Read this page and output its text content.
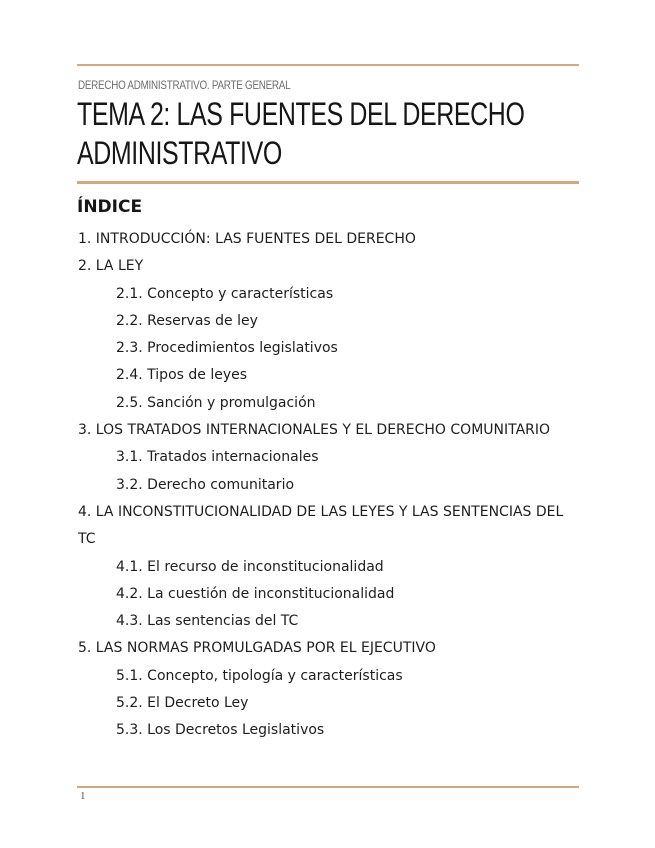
DERECHO ADMINISTRATIVO. PARTE GENERAL
TEMA 2: LAS FUENTES DEL DERECHO
ADMINISTRATIVO
ÍNDICE
1. INTRODUCCIÓN: LAS FUENTES DEL DERECHO
2. LA LEY
2.1. Concepto y características
2.2. Reservas de ley
2.3. Procedimientos legislativos
2.4. Tipos de leyes
2.5. Sanción y promulgación
3. LOS TRATADOS INTERNACIONALES Y EL DERECHO COMUNITARIO
3.1. Tratados internacionales
3.2. Derecho comunitario
4. LA INCONSTITUCIONALIDAD DE LAS LEYES Y LAS SENTENCIAS DEL TC
4.1. El recurso de inconstitucionalidad
4.2. La cuestión de inconstitucionalidad
4.3. Las sentencias del TC
5. LAS NORMAS PROMULGADAS POR EL EJECUTIVO
5.1. Concepto, tipología y características
5.2. El Decreto Ley
5.3. Los Decretos Legislativos
1
